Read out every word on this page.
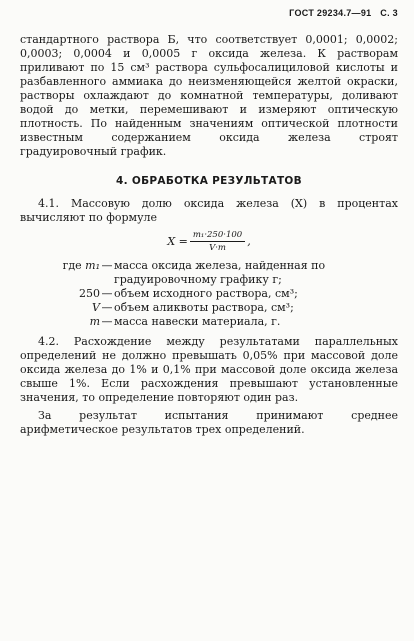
ГОСТ 29234.7—91 С. 3

стандартного раствора Б, что соответствует 0,0001; 0,0002; 0,0003; 0,0004 и 0,0005 г оксида железа. К растворам приливают по 15 см³ раствора сульфосалициловой кислоты и разбавленного аммиака до неизменяющейся желтой окраски, растворы охлаждают до комнатной температуры, доливают водой до метки, перемешивают и измеряют оптическую плотность. По найденным значениям оптической плотности известным содержанием оксида железа строят градуировочный график.

4. ОБРАБОТКА РЕЗУЛЬТАТОВ

4.1. Массовую долю оксида железа (X) в процентах вычисляют по формуле

$X = \frac{\text{m₁·250·100}}{V\cdot m}$ ,
где m₁ — масса оксида железа, найденная по градуировочному графику г;
250 — объем исходного раствора, см³;
V — объем аликвоты раствора, см³;
m — масса навески материала, г.

4.2. Расхождение между результатами параллельных определений не должно превышать 0,05% при массовой доле оксида железа до 1% и 0,1% при массовой доле оксида железа свыше 1%. Если расхождения превышают установленные значения, то определение повторяют один раз.

За результат испытания принимают среднее арифметическое результатов трех определений.
